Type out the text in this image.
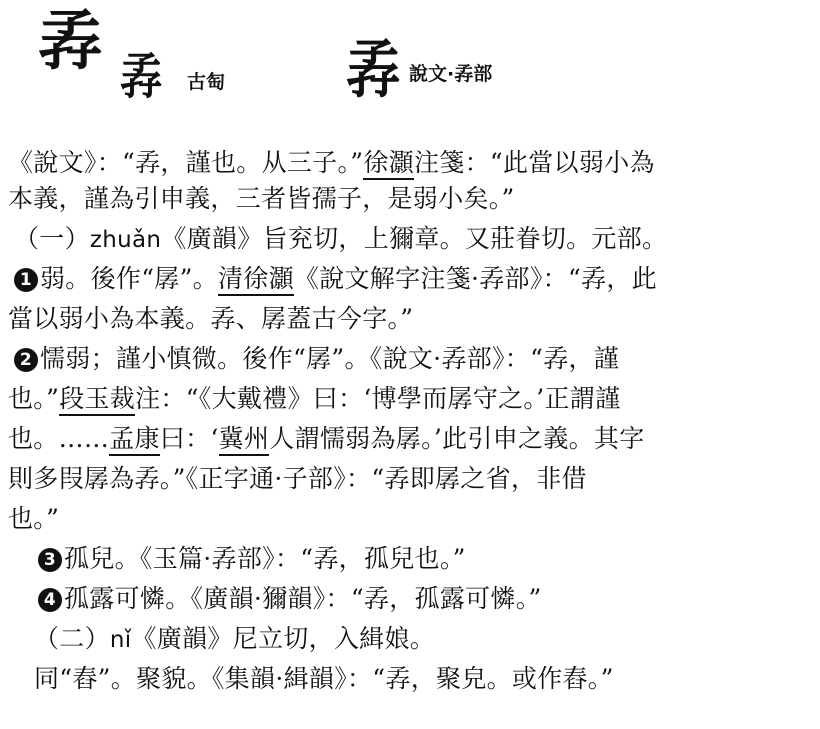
孨 孨 古匋 孨 說文·孨部
《說文》：“孨，謹也。从三子。”徐灝注箋：“此當以弱小為
本義，謹為引申義，三者皆孺子，是弱小矣。”
（一）zhuǎn《廣韻》旨兖切，上獮章。又莊眷切。元部。
1 弱。後作“孱”。清徐灝《說文解字注箋·孨部》：“孨，此
當以弱小為本義。孨、孱蓋古今字。”
2 懦弱；謹小慎微。後作“孱”。《說文·孨部》：“孨，謹
也。”段玉裁注：“《大戴禮》曰：‘博學而孱守之。’正謂謹
也。……孟康曰：‘冀州人謂懦弱為孱。’此引申之義。其字
則多叚孱為孨。”《正字通·子部》：“孨即孱之省，非借
也。”
3 孤兒。《玉篇·孨部》：“孨，孤兒也。”
4 孤露可憐。《廣韻·獮韻》：“孨，孤露可憐。”
（二）nǐ《廣韻》尼立切，入緝娘。
同“舂”。聚貌。《集韻·緝韻》：“孨，聚皃。或作舂。”
